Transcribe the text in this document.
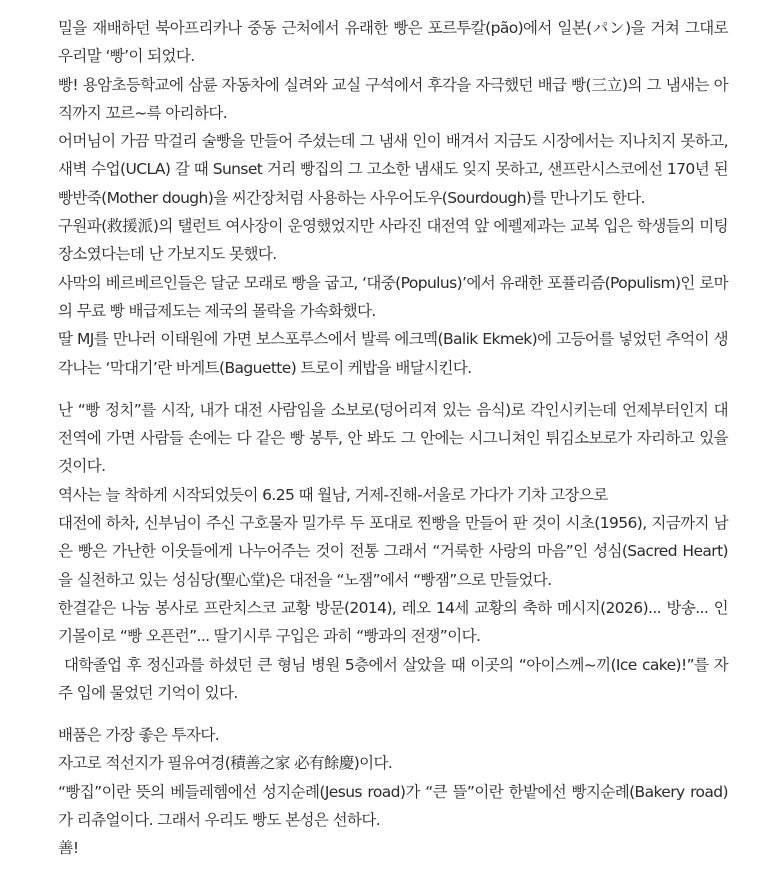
밀을 재배하던 북아프리카나 중동 근처에서 유래한 빵은 포르투칼(pão)에서 일본(パン)을 거쳐 그대로 우리말 ‘빵’이 되었다.

빵! 용암초등학교에 삼륜 자동차에 실려와 교실 구석에서 후각을 자극했던 배급 빵(三立)의 그 냄새는 아직까지 꼬르~륵 아리하다.

어머님이 가끔 막걸리 술빵을 만들어 주셨는데 그 냄새 인이 배겨서 지금도 시장에서는 지나치지 못하고, 새벽 수업(UCLA) 갈 때 Sunset 거리 빵집의 그 고소한 냄새도 잊지 못하고, 샌프란시스코에선 170년 된 빵반죽(Mother dough)을 씨간장처럼 사용하는 사우어도우(Sourdough)를 만나기도 한다.

구원파(救援派)의 탤런트 여사장이 운영했었지만 사라진 대전역 앞 에펠제과는 교복 입은 학생들의 미팅 장소였다는데 난 가보지도 못했다.

사막의 베르베르인들은 달군 모래로 빵을 굽고, ‘대중(Populus)’에서 유래한 포퓰리즘(Populism)인 로마의 무료 빵 배급제도는 제국의 몰락을 가속화했다.

딸 MJ를 만나러 이태원에 가면 보스포루스에서 발륵 에크멕(Balik Ekmek)에 고등어를 넣었던 추억이 생각나는 ‘막대기’란 바게트(Baguette) 트로이 케밥을 배달시킨다.

난 “빵 정치”를 시작, 내가 대전 사람임을 소보로(덩어리져 있는 음식)로 각인시키는데 언제부터인지 대전역에 가면 사람들 손에는 다 같은 빵 봉투, 안 봐도 그 안에는 시그니쳐인 튀김소보로가 자리하고 있을 것이다.

역사는 늘 착하게 시작되었듯이 6.25 때 월남, 거제-진해-서울로 가다가 기차 고장으로

대전에 하차, 신부님이 주신 구호물자 밀가루 두 포대로 찐빵을 만들어 판 것이 시초(1956), 지금까지 남은 빵은 가난한 이웃들에게 나누어주는 것이 전통 그래서 “거룩한 사랑의 마음”인 성심(Sacred Heart)을 실천하고 있는 성심당(聖心堂)은 대전을 “노잼”에서 “빵잼”으로 만들었다.

한결같은 나눔 봉사로 프란치스코 교황 방문(2014), 레오 14세 교황의 축하 메시지(2026)... 방송... 인기몰이로 “빵 오픈런”... 딸기시루 구입은 과히 “빵과의 전쟁”이다.

대학졸업 후 정신과를 하셨던 큰 형님 병원 5층에서 살았을 때 이곳의 “아이스께~끼(Ice cake)!”를 자주 입에 물었던 기억이 있다.

배품은 가장 좋은 투자다.

자고로 적선지가 필유여경(積善之家 必有餘慶)이다.

“빵집”이란 뜻의 베들레헴에선 성지순례(Jesus road)가 “큰 뜰”이란 한밭에선 빵지순례(Bakery road)가 리츄얼이다. 그래서 우리도 빵도 본성은 선하다.

善!
